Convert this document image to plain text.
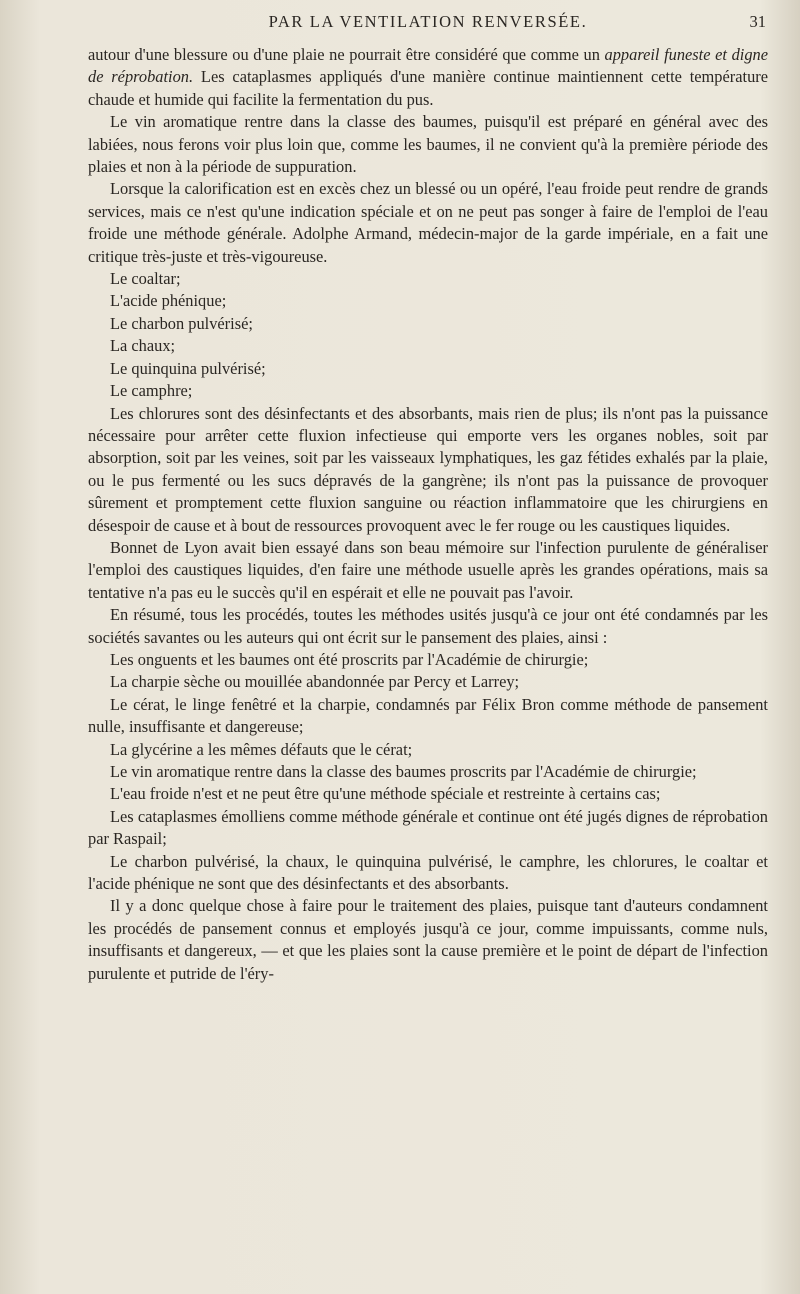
PAR LA VENTILATION RENVERSÉE.	31

autour d'une blessure ou d'une plaie ne pourrait être considéré que comme un appareil funeste et digne de réprobation. Les cataplasmes appliqués d'une manière continue maintiennent cette température chaude et humide qui facilite la fermentation du pus.

Le vin aromatique rentre dans la classe des baumes, puisqu'il est préparé en général avec des labiées, nous ferons voir plus loin que, comme les baumes, il ne convient qu'à la première période des plaies et non à la période de suppuration.

Lorsque la calorification est en excès chez un blessé ou un opéré, l'eau froide peut rendre de grands services, mais ce n'est qu'une indication spéciale et on ne peut pas songer à faire de l'emploi de l'eau froide une méthode générale. Adolphe Armand, médecin-major de la garde impériale, en a fait une critique très-juste et très-vigoureuse.

Le coaltar;

L'acide phénique;

Le charbon pulvérisé;

La chaux;

Le quinquina pulvérisé;

Le camphre;

Les chlorures sont des désinfectants et des absorbants, mais rien de plus; ils n'ont pas la puissance nécessaire pour arrêter cette fluxion infectieuse qui emporte vers les organes nobles, soit par absorption, soit par les veines, soit par les vaisseaux lymphatiques, les gaz fétides exhalés par la plaie, ou le pus fermenté ou les sucs dépravés de la gangrène; ils n'ont pas la puissance de provoquer sûrement et promptement cette fluxion sanguine ou réaction inflammatoire que les chirurgiens en désespoir de cause et à bout de ressources provoquent avec le fer rouge ou les caustiques liquides.

Bonnet de Lyon avait bien essayé dans son beau mémoire sur l'infection purulente de généraliser l'emploi des caustiques liquides, d'en faire une méthode usuelle après les grandes opérations, mais sa tentative n'a pas eu le succès qu'il en espérait et elle ne pouvait pas l'avoir.

En résumé, tous les procédés, toutes les méthodes usités jusqu'à ce jour ont été condamnés par les sociétés savantes ou les auteurs qui ont écrit sur le pansement des plaies, ainsi :

Les onguents et les baumes ont été proscrits par l'Académie de chirurgie;

La charpie sèche ou mouillée abandonnée par Percy et Larrey;

Le cérat, le linge fenêtré et la charpie, condamnés par Félix Bron comme méthode de pansement nulle, insuffisante et dangereuse;

La glycérine a les mêmes défauts que le cérat;

Le vin aromatique rentre dans la classe des baumes proscrits par l'Académie de chirurgie;

L'eau froide n'est et ne peut être qu'une méthode spéciale et restreinte à certains cas;

Les cataplasmes émolliens comme méthode générale et continue ont été jugés dignes de réprobation par Raspail;

Le charbon pulvérisé, la chaux, le quinquina pulvérisé, le camphre, les chlorures, le coaltar et l'acide phénique ne sont que des désinfectants et des absorbants.

Il y a donc quelque chose à faire pour le traitement des plaies, puisque tant d'auteurs condamnent les procédés de pansement connus et employés jusqu'à ce jour, comme impuissants, comme nuls, insuffisants et dangereux, — et que les plaies sont la cause première et le point de départ de l'infection purulente et putride de l'éry-
